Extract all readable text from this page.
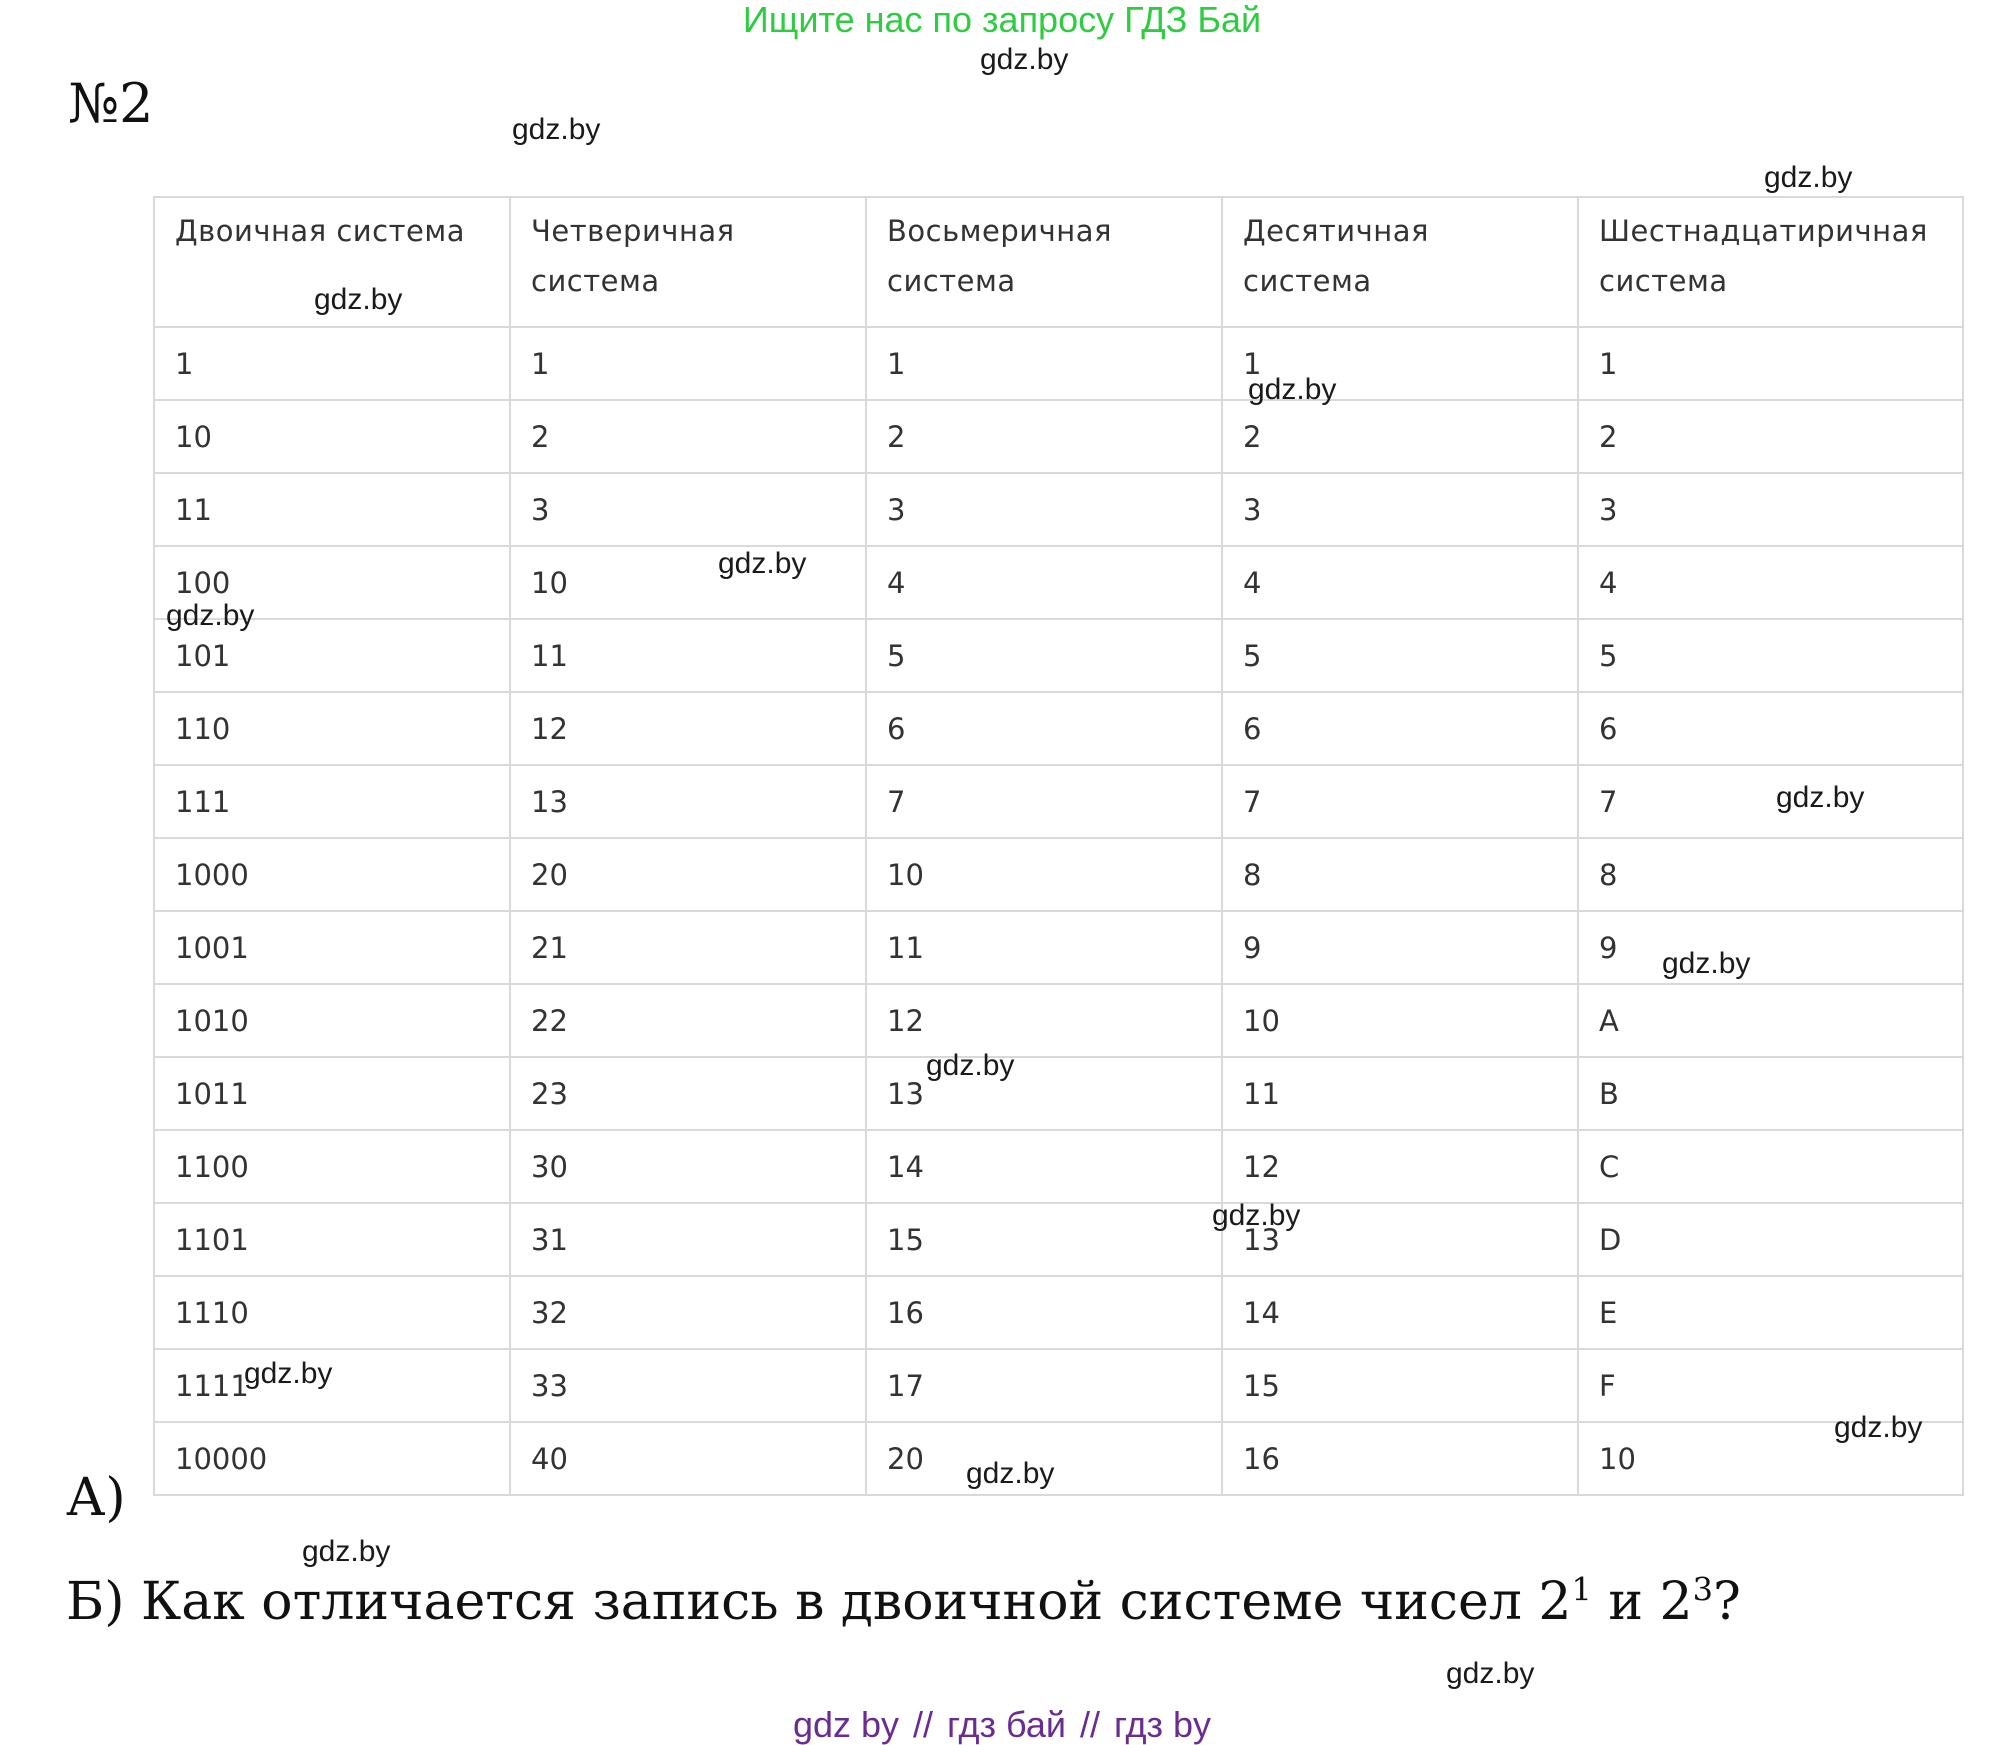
Ищите нас по запросу ГДЗ Бай
№2
Двоичная система	Четверичная система	Восьмеричная система	Десятичная система	Шестнадцатиричная система
1	1	1	1	1
10	2	2	2	2
11	3	3	3	3
100	10	4	4	4
101	11	5	5	5
110	12	6	6	6
111	13	7	7	7
1000	20	10	8	8
1001	21	11	9	9
1010	22	12	10	A
1011	23	13	11	B
1100	30	14	12	C
1101	31	15	13	D
1110	32	16	14	E
1111	33	17	15	F
10000	40	20	16	10
А)
Б) Как отличается запись в двоичной системе чисел $2^1$ и $2^3$?
gdz.by
gdz.by
gdz.by
gdz.by
gdz.by
gdz.by
gdz.by
gdz.by
gdz.by
gdz.by
gdz.by
gdz.by
gdz.by
gdz.by
gdz.by
gdz.by
gdz by // гдз бай // гдз by
